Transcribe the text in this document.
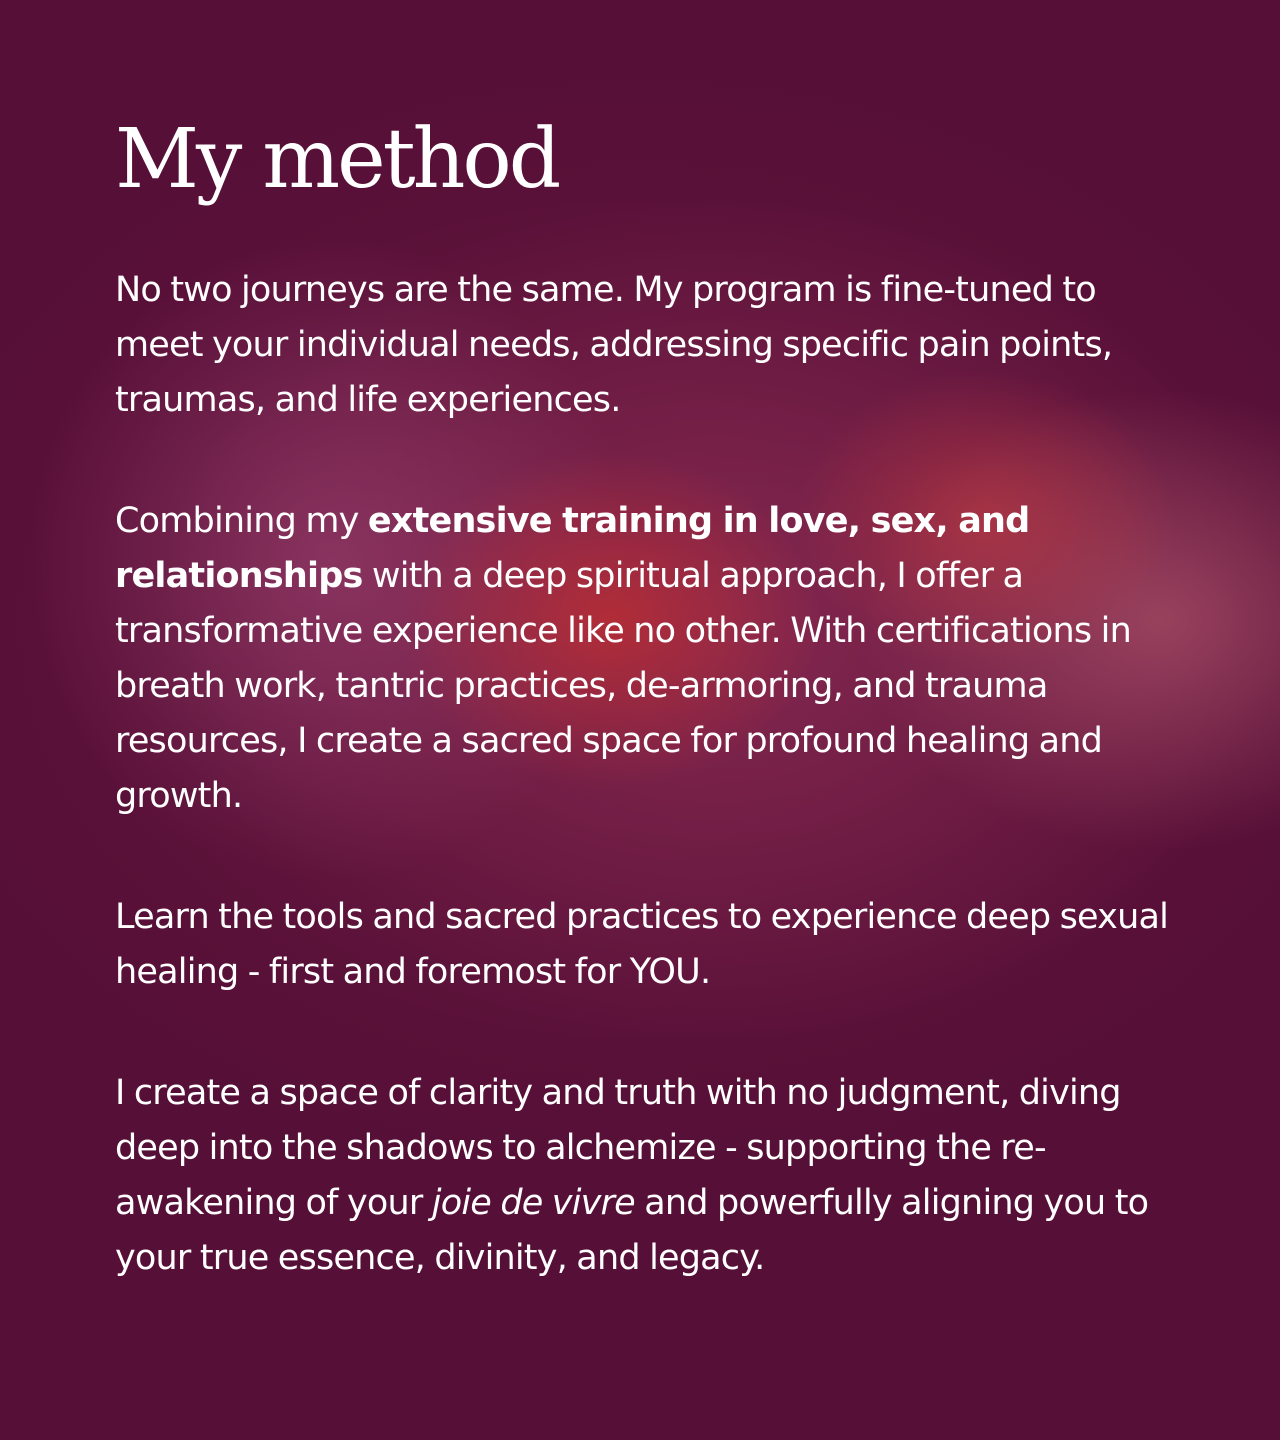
My method

No two journeys are the same. My program is fine-tuned to meet your individual needs, addressing specific pain points, traumas, and life experiences.

Combining my extensive training in love, sex, and relationships with a deep spiritual approach, I offer a transformative experience like no other. With certifications in breath work, tantric practices, de-armoring, and trauma resources, I create a sacred space for profound healing and growth.

Learn the tools and sacred practices to experience deep sexual healing - first and foremost for YOU.

I create a space of clarity and truth with no judgment, diving deep into the shadows to alchemize - supporting the re-awakening of your joie de vivre and powerfully aligning you to your true essence, divinity, and legacy.
